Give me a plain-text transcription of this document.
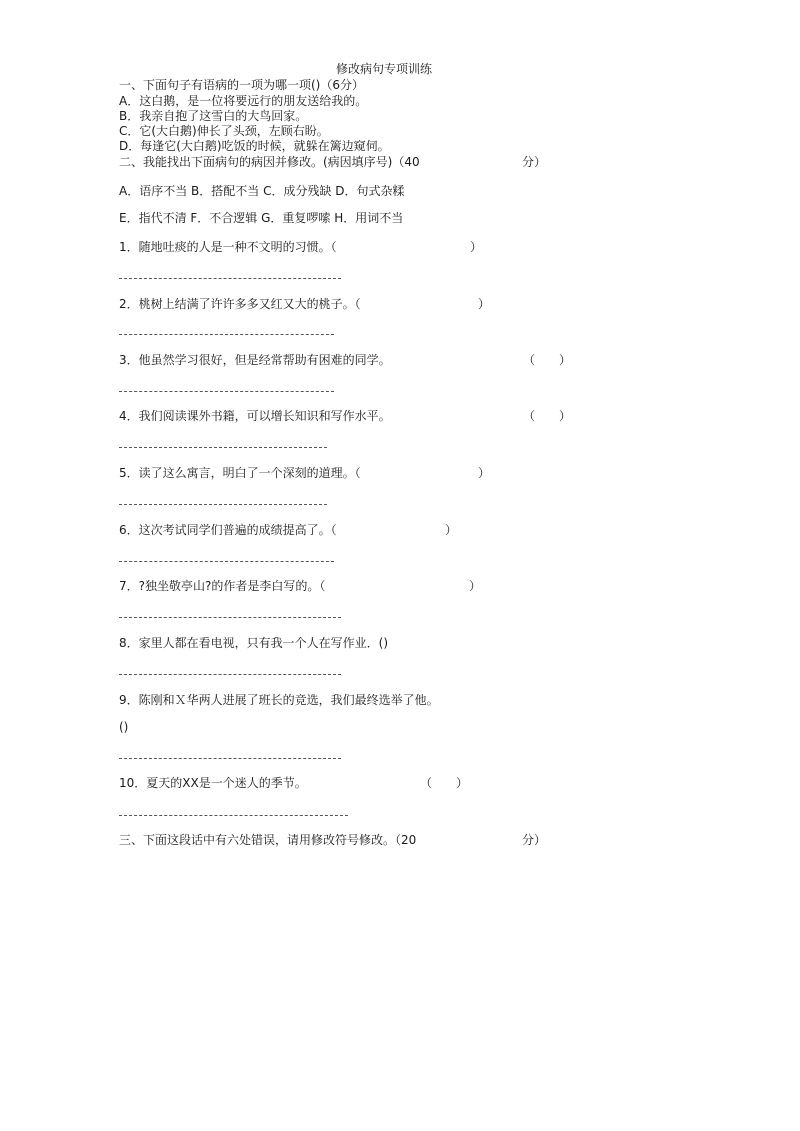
修改病句专项训练
一、下面句子有语病的一项为哪一项()（6分）
A．这白鹅，是一位将要远行的朋友送给我的。
B．我亲自抱了这雪白的大鸟回家。
C．它(大白鹅)伸长了头颈，左顾右盼。
D．每逢它(大白鹅)吃饭的时候，就躲在篱边窥伺。
二、我能找出下面病句的病因并修改。(病因填序号)（40	分）
A．语序不当 B．搭配不当 C．成分残缺 D．句式杂糅
E．指代不清 F．不合逻辑 G．重复啰嗦 H．用词不当
1．随地吐痰的人是一种不文明的习惯。（	）
2．桃树上结满了许许多多又红又大的桃子。（	）
3．他虽然学习很好，但是经常帮助有困难的同学。	（　　）
4．我们阅读课外书籍，可以增长知识和写作水平。	（　　）
5．读了这么寓言，明白了一个深刻的道理。（	）
6．这次考试同学们普遍的成绩提高了。（	）
7．?独坐敬亭山?的作者是李白写的。（	）
8．家里人都在看电视，只有我一个人在写作业．()
9．陈刚和Ｘ华两人进展了班长的竞选，我们最终选举了他。
()
10．夏天的XX是一个迷人的季节。	（　　）
三、下面这段话中有六处错误，请用修改符号修改。（20	分）
